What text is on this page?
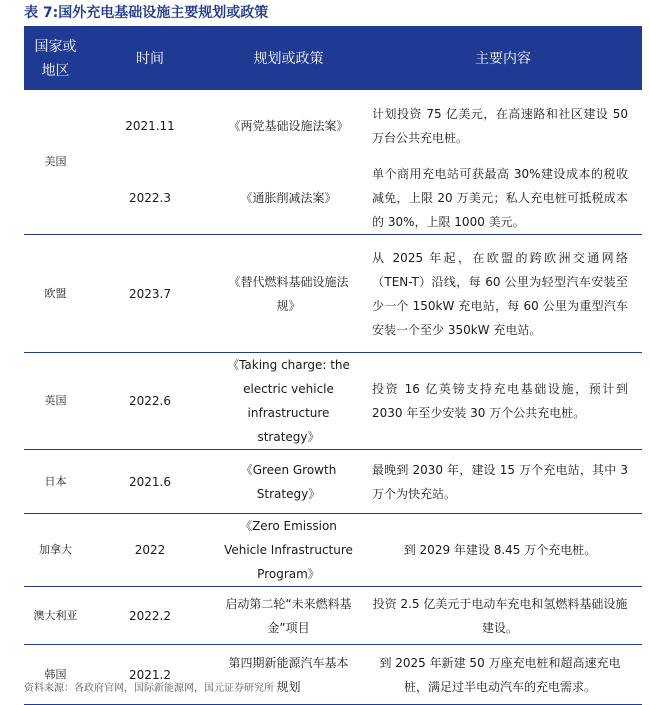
表 7:国外充电基础设施主要规划或政策
国家或地区	时间	规划或政策	主要内容
美国	2021.11	《两党基础设施法案》	计划投资 75 亿美元，在高速路和社区建设 50 万台公共充电桩。
	2022.3	《通胀削减法案》	单个商用充电站可获最高 30%建设成本的税收减免，上限 20 万美元；私人充电桩可抵税成本的 30%，上限 1000 美元。
欧盟	2023.7	《替代燃料基础设施法规》	从 2025 年起，在欧盟的跨欧洲交通网络（TEN-T）沿线，每 60 公里为轻型汽车安装至少一个 150kW 充电站，每 60 公里为重型汽车安装一个至少 350kW 充电站。
英国	2022.6	《Taking charge: the electric vehicle infrastructure strategy》	投资 16 亿英镑支持充电基础设施，预计到 2030 年至少安装 30 万个公共充电桩。
日本	2021.6	《Green Growth Strategy》	最晚到 2030 年，建设 15 万个充电站，其中 3 万个为快充站。
加拿大	2022	《Zero Emission Vehicle Infrastructure Program》	到 2029 年建设 8.45 万个充电桩。
澳大利亚	2022.2	启动第二轮“未来燃料基金”项目	投资 2.5 亿美元于电动车充电和氢燃料基础设施建设。
韩国	2021.2	第四期新能源汽车基本规划	到 2025 年新建 50 万座充电桩和超高速充电桩，满足过半电动汽车的充电需求。
资料来源：各政府官网，国际新能源网，国元证券研究所
